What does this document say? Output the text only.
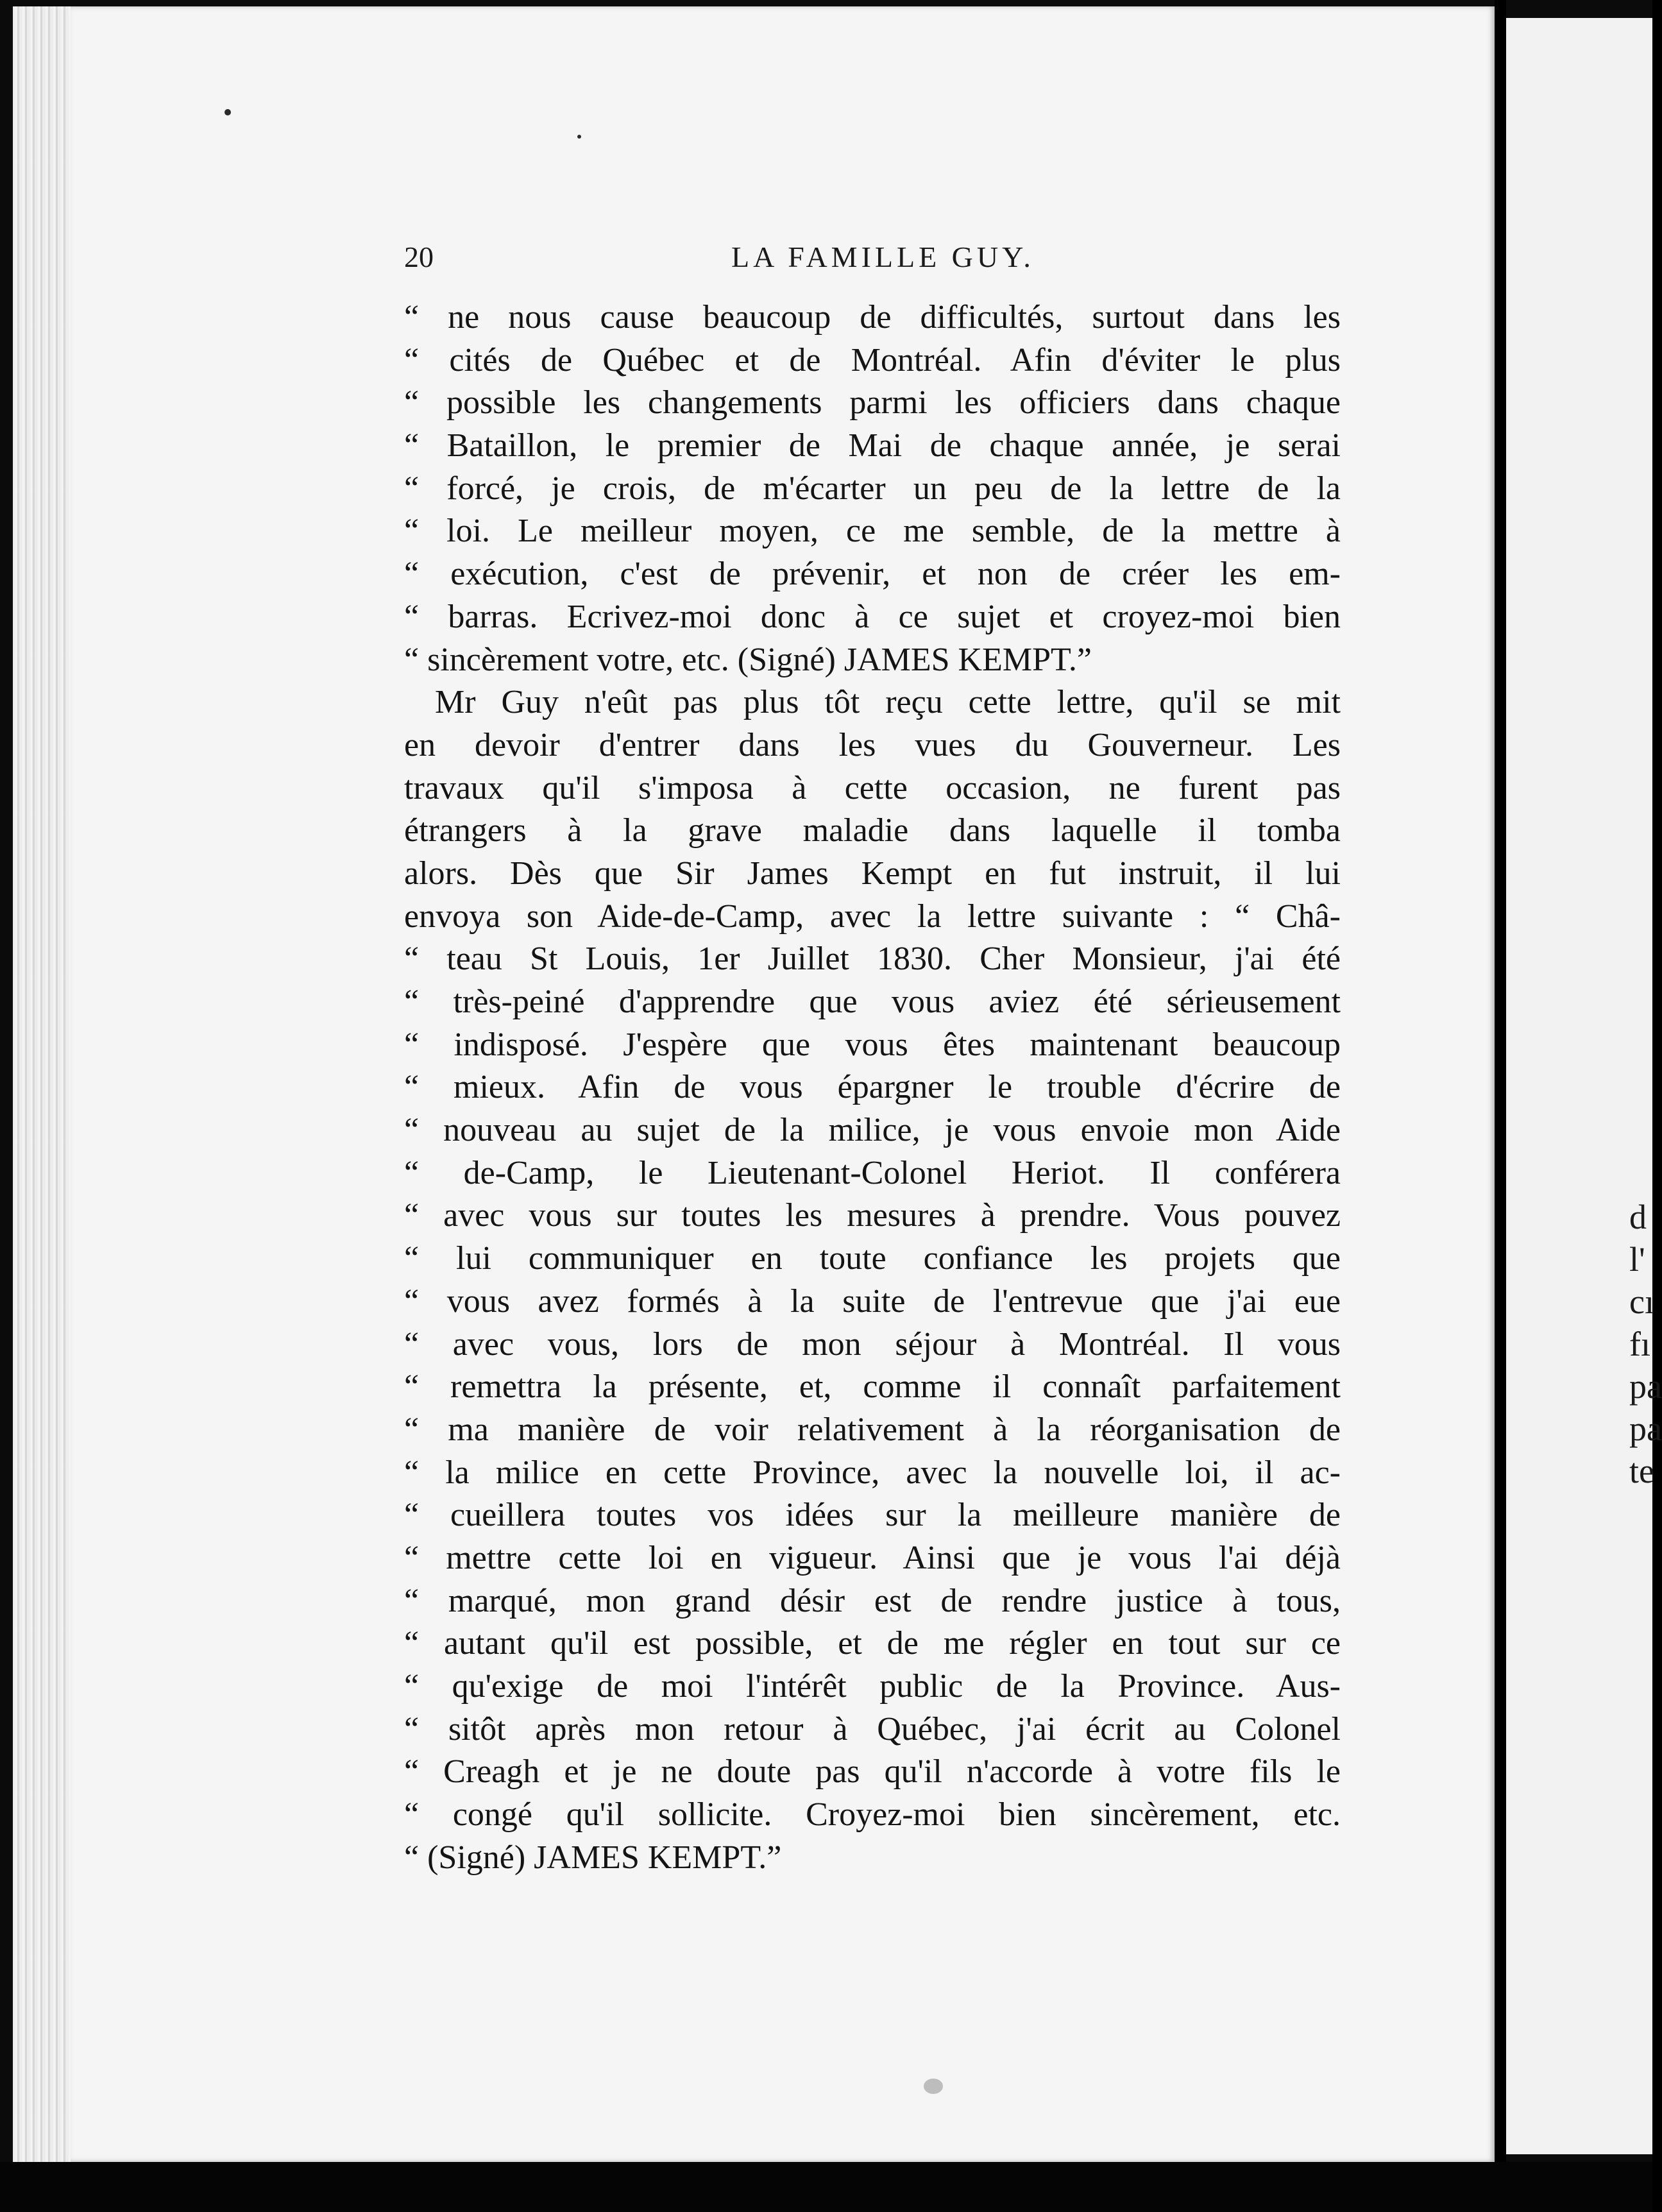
d
l'
cı
fı
pa
pa
te
20	LA FAMILLE GUY.
“ ne nous cause beaucoup de difficultés, surtout dans les
“ cités de Québec et de Montréal. Afin d'éviter le plus
“ possible les changements parmi les officiers dans chaque
“ Bataillon, le premier de Mai de chaque année, je serai
“ forcé, je crois, de m'écarter un peu de la lettre de la
“ loi. Le meilleur moyen, ce me semble, de la mettre à
“ exécution, c'est de prévenir, et non de créer les em-
“ barras. Ecrivez-moi donc à ce sujet et croyez-moi bien
“ sincèrement votre, etc. (Signé) JAMES KEMPT.”
Mr Guy n'eût pas plus tôt reçu cette lettre, qu'il se mit
en devoir d'entrer dans les vues du Gouverneur. Les
travaux qu'il s'imposa à cette occasion, ne furent pas
étrangers à la grave maladie dans laquelle il tomba
alors. Dès que Sir James Kempt en fut instruit, il lui
envoya son Aide-de-Camp, avec la lettre suivante : “ Châ-
“ teau St Louis, 1er Juillet 1830. Cher Monsieur, j'ai été
“ très-peiné d'apprendre que vous aviez été sérieusement
“ indisposé. J'espère que vous êtes maintenant beaucoup
“ mieux. Afin de vous épargner le trouble d'écrire de
“ nouveau au sujet de la milice, je vous envoie mon Aide
“ de-Camp, le Lieutenant-Colonel Heriot. Il conférera
“ avec vous sur toutes les mesures à prendre. Vous pouvez
“ lui communiquer en toute confiance les projets que
“ vous avez formés à la suite de l'entrevue que j'ai eue
“ avec vous, lors de mon séjour à Montréal. Il vous
“ remettra la présente, et, comme il connaît parfaitement
“ ma manière de voir relativement à la réorganisation de
“ la milice en cette Province, avec la nouvelle loi, il ac-
“ cueillera toutes vos idées sur la meilleure manière de
“ mettre cette loi en vigueur. Ainsi que je vous l'ai déjà
“ marqué, mon grand désir est de rendre justice à tous,
“ autant qu'il est possible, et de me régler en tout sur ce
“ qu'exige de moi l'intérêt public de la Province. Aus-
“ sitôt après mon retour à Québec, j'ai écrit au Colonel
“ Creagh et je ne doute pas qu'il n'accorde à votre fils le
“ congé qu'il sollicite. Croyez-moi bien sincèrement, etc.
“ (Signé) JAMES KEMPT.”
